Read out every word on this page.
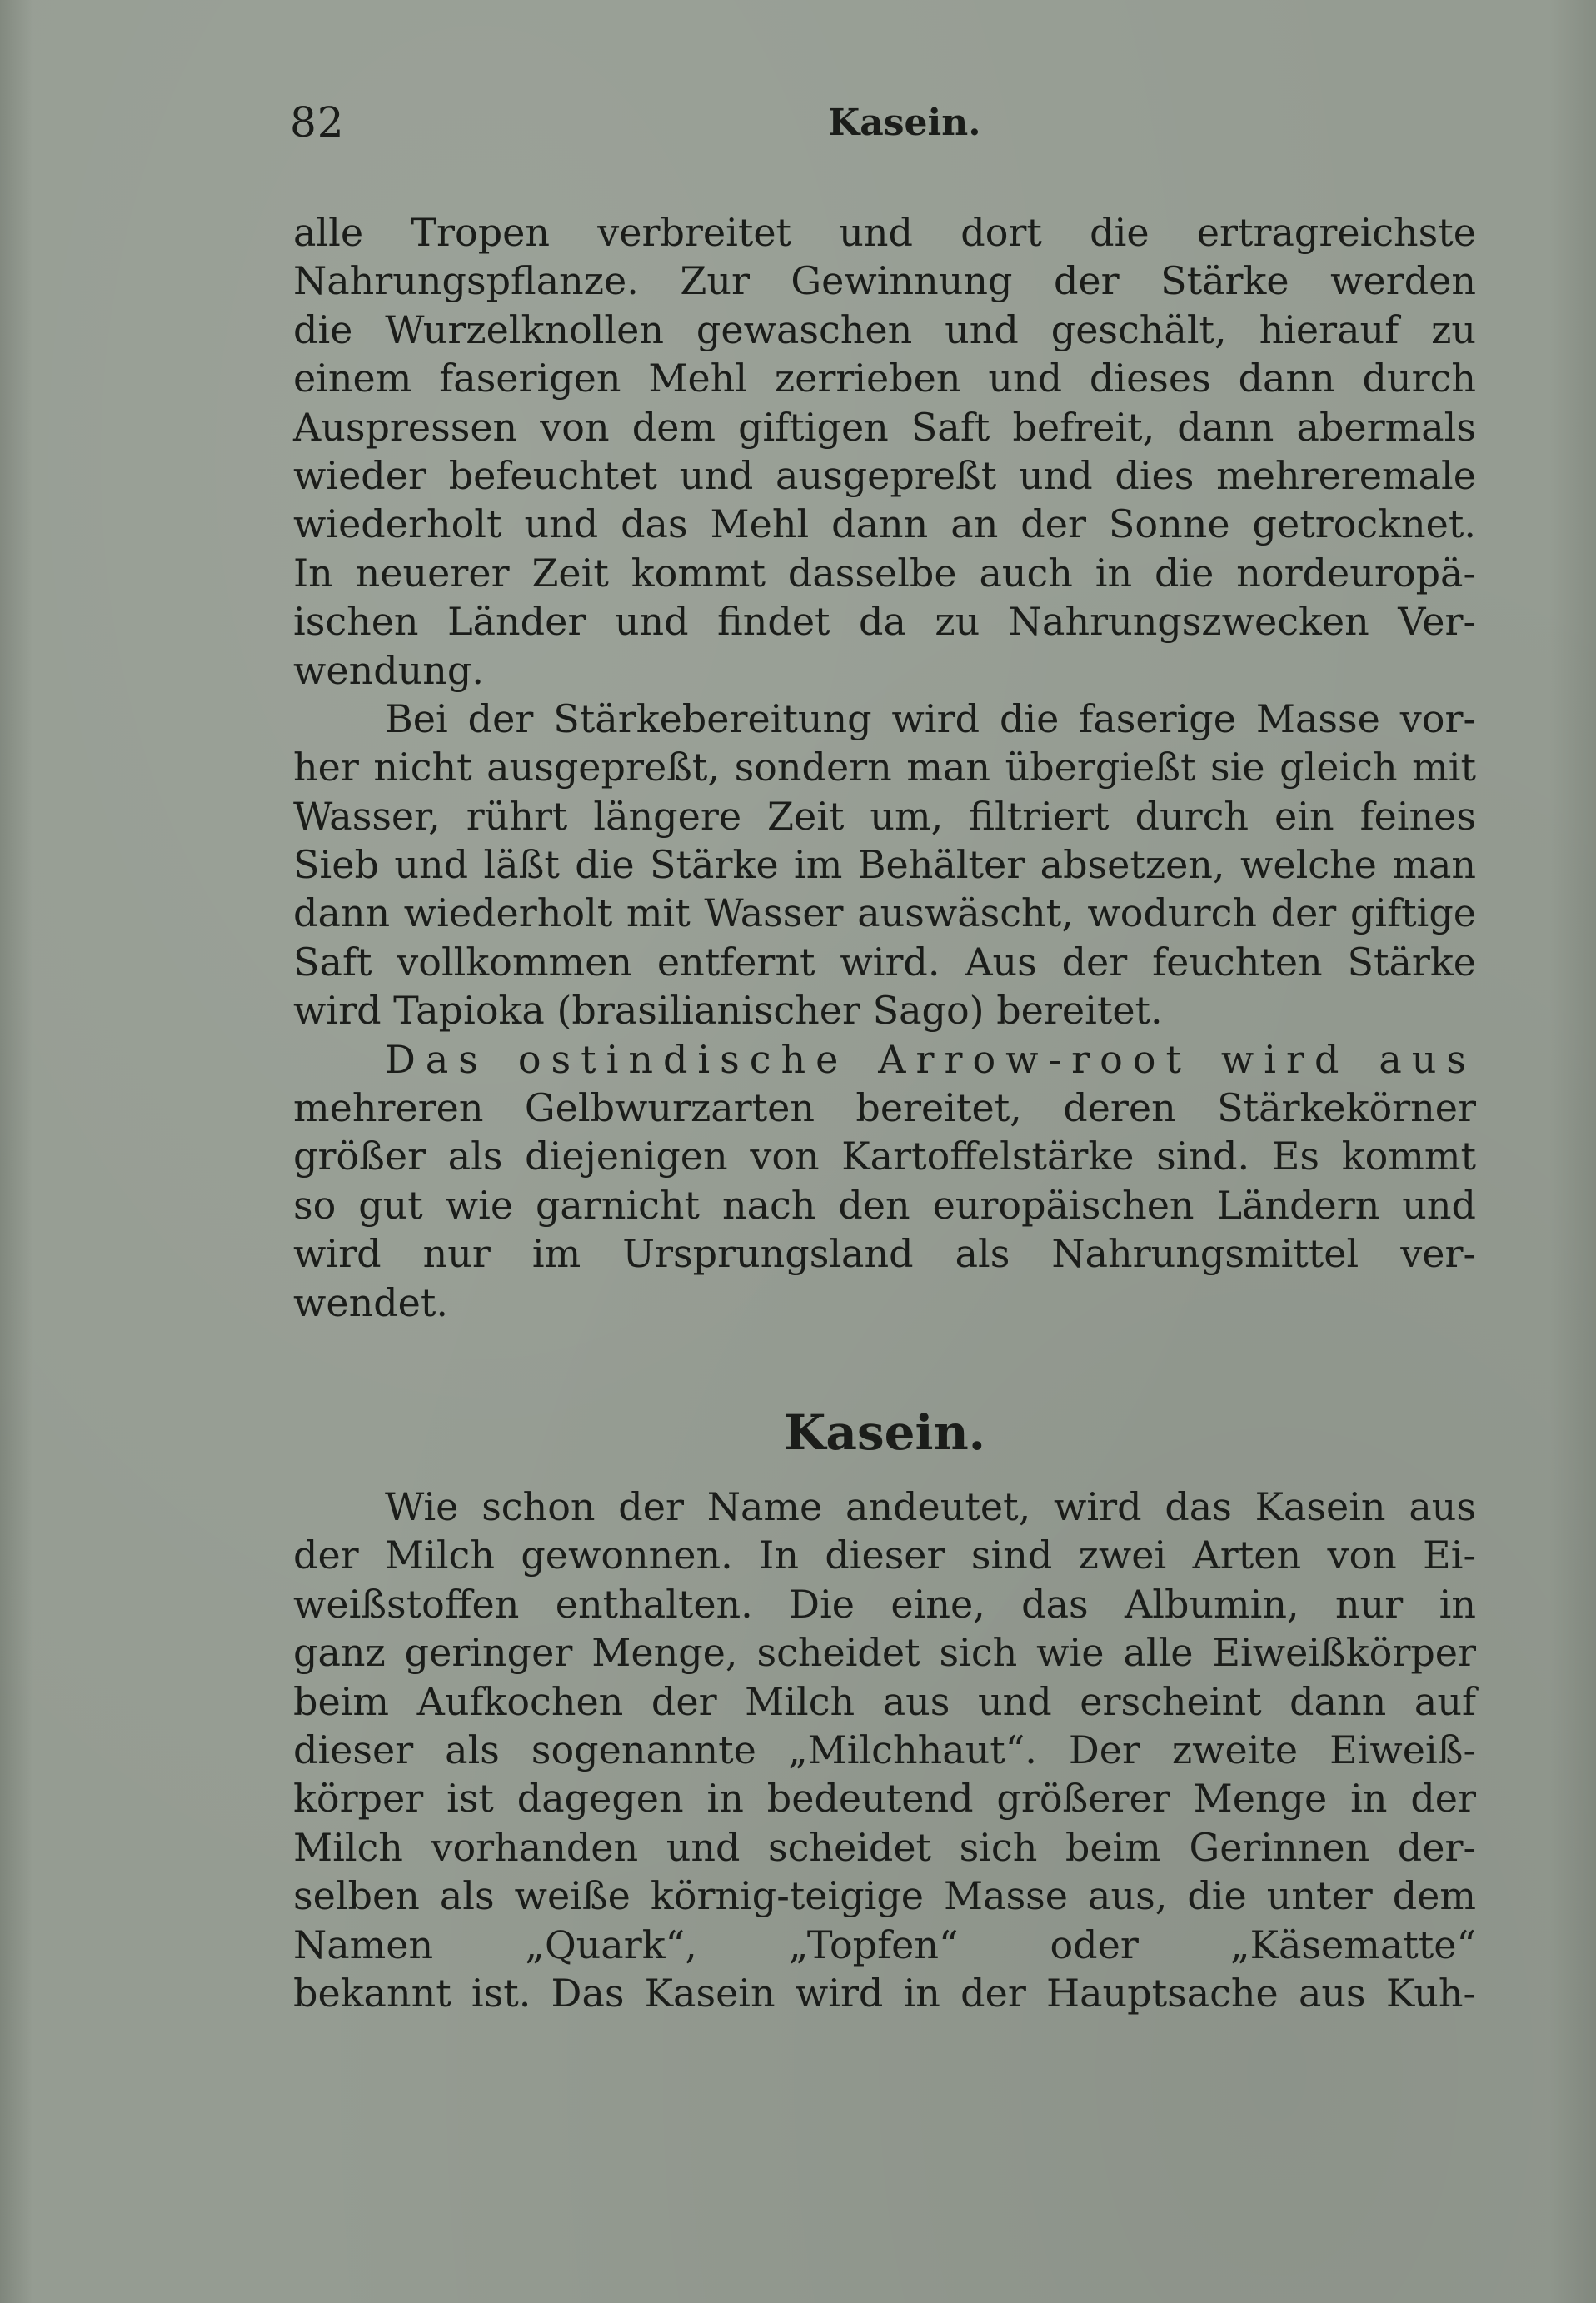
82	Kasein.
alle Tropen verbreitet und dort die ertragreichste
Nahrungspflanze. Zur Gewinnung der Stärke werden
die Wurzelknollen gewaschen und geschält, hierauf zu
einem faserigen Mehl zerrieben und dieses dann durch
Auspressen von dem giftigen Saft befreit, dann abermals
wieder befeuchtet und ausgepreßt und dies mehreremale
wiederholt und das Mehl dann an der Sonne getrocknet.
In neuerer Zeit kommt dasselbe auch in die nordeuropä-
ischen Länder und findet da zu Nahrungszwecken Ver-
wendung.
Bei der Stärkebereitung wird die faserige Masse vor-
her nicht ausgepreßt, sondern man übergießt sie gleich mit
Wasser, rührt längere Zeit um, filtriert durch ein feines
Sieb und läßt die Stärke im Behälter absetzen, welche man
dann wiederholt mit Wasser auswäscht, wodurch der giftige
Saft vollkommen entfernt wird. Aus der feuchten Stärke
wird Tapioka (brasilianischer Sago) bereitet.
Das ostindische Arrow-root wird aus
mehreren Gelbwurzarten bereitet, deren Stärkekörner
größer als diejenigen von Kartoffelstärke sind. Es kommt
so gut wie garnicht nach den europäischen Ländern und
wird nur im Ursprungsland als Nahrungsmittel ver-
wendet.
Kasein.
Wie schon der Name andeutet, wird das Kasein aus
der Milch gewonnen. In dieser sind zwei Arten von Ei-
weißstoffen enthalten. Die eine, das Albumin, nur in
ganz geringer Menge, scheidet sich wie alle Eiweißkörper
beim Aufkochen der Milch aus und erscheint dann auf
dieser als sogenannte „Milchhaut“. Der zweite Eiweiß-
körper ist dagegen in bedeutend größerer Menge in der
Milch vorhanden und scheidet sich beim Gerinnen der-
selben als weiße körnig-teigige Masse aus, die unter dem
Namen „Quark“, „Topfen“ oder „Käsematte“
bekannt ist. Das Kasein wird in der Hauptsache aus Kuh-
